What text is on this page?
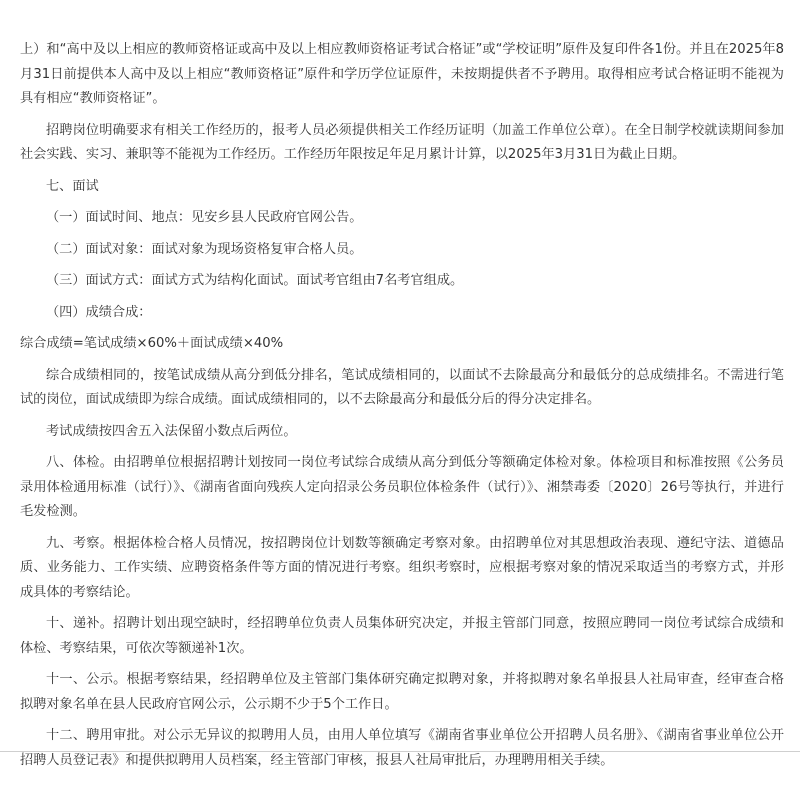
上）和“高中及以上相应的教师资格证或高中及以上相应教师资格证考试合格证”或“学校证明”原件及复印件各1份。并且在2025年8月31日前提供本人高中及以上相应“教师资格证”原件和学历学位证原件，未按期提供者不予聘用。取得相应考试合格证明不能视为具有相应“教师资格证”。

招聘岗位明确要求有相关工作经历的，报考人员必须提供相关工作经历证明（加盖工作单位公章）。在全日制学校就读期间参加社会实践、实习、兼职等不能视为工作经历。工作经历年限按足年足月累计计算，以2025年3月31日为截止日期。

七、面试

（一）面试时间、地点：见安乡县人民政府官网公告。

（二）面试对象：面试对象为现场资格复审合格人员。

（三）面试方式：面试方式为结构化面试。面试考官组由7名考官组成。

（四）成绩合成：

综合成绩=笔试成绩×60%＋面试成绩×40%

综合成绩相同的，按笔试成绩从高分到低分排名，笔试成绩相同的，以面试不去除最高分和最低分的总成绩排名。不需进行笔试的岗位，面试成绩即为综合成绩。面试成绩相同的，以不去除最高分和最低分后的得分决定排名。

考试成绩按四舍五入法保留小数点后两位。

八、体检。由招聘单位根据招聘计划按同一岗位考试综合成绩从高分到低分等额确定体检对象。体检项目和标准按照《公务员录用体检通用标准（试行）》、《湖南省面向残疾人定向招录公务员职位体检条件（试行）》、湘禁毒委〔2020〕26号等执行，并进行毛发检测。

九、考察。根据体检合格人员情况，按招聘岗位计划数等额确定考察对象。由招聘单位对其思想政治表现、遵纪守法、道德品质、业务能力、工作实绩、应聘资格条件等方面的情况进行考察。组织考察时，应根据考察对象的情况采取适当的考察方式，并形成具体的考察结论。

十、递补。招聘计划出现空缺时，经招聘单位负责人员集体研究决定，并报主管部门同意，按照应聘同一岗位考试综合成绩和体检、考察结果，可依次等额递补1次。

十一、公示。根据考察结果，经招聘单位及主管部门集体研究确定拟聘对象，并将拟聘对象名单报县人社局审查，经审查合格拟聘对象名单在县人民政府官网公示，公示期不少于5个工作日。

十二、聘用审批。对公示无异议的拟聘用人员，由用人单位填写《湖南省事业单位公开招聘人员名册》、《湖南省事业单位公开招聘人员登记表》和提供拟聘用人员档案，经主管部门审核，报县人社局审批后，办理聘用相关手续。
